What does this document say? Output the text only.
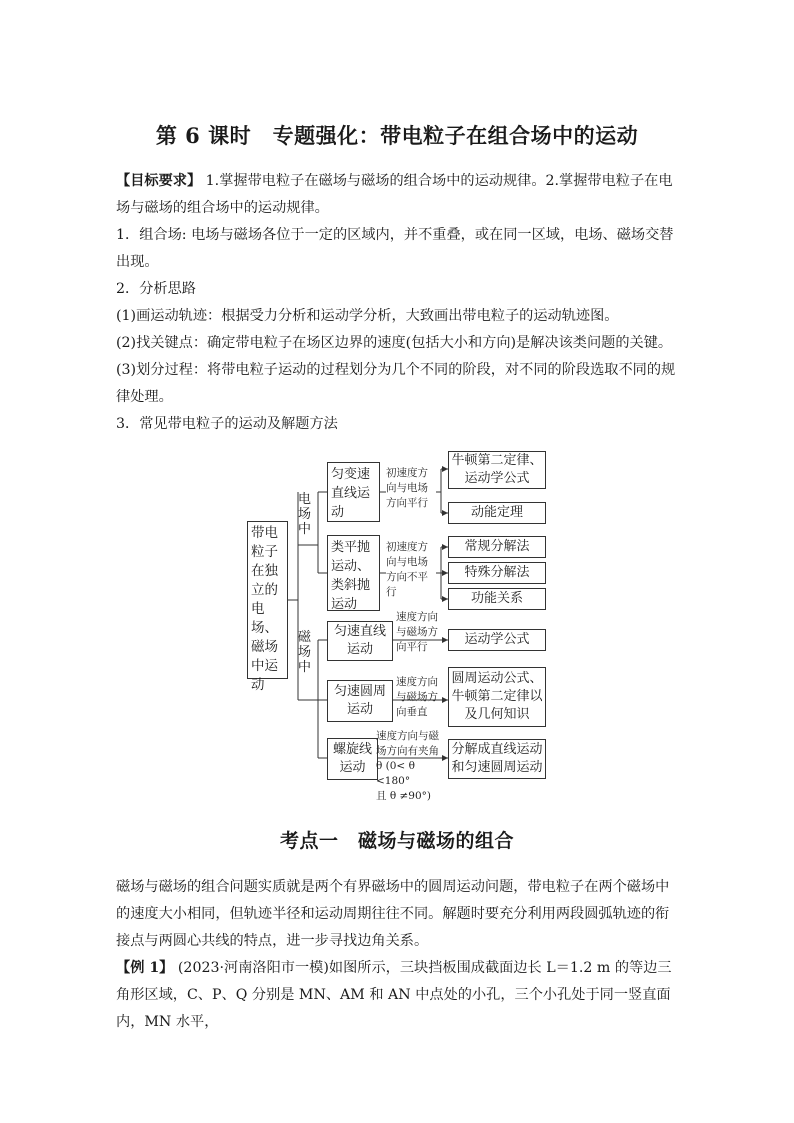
第 6 课时　专题强化：带电粒子在组合场中的运动
【目标要求】 1.掌握带电粒子在磁场与磁场的组合场中的运动规律。2.掌握带电粒子在电场与磁场的组合场中的运动规律。
1．组合场: 电场与磁场各位于一定的区域内，并不重叠，或在同一区域，电场、磁场交替出现。
2．分析思路
(1)画运动轨迹：根据受力分析和运动学分析，大致画出带电粒子的运动轨迹图。
(2)找关键点：确定带电粒子在场区边界的速度(包括大小和方向)是解决该类问题的关键。
(3)划分过程：将带电粒子运动的过程划分为几个不同的阶段，对不同的阶段选取不同的规律处理。
3．常见带电粒子的运动及解题方法
带电粒子在独立的电场、磁场中运动
电场中
磁场中
匀变速直线运动
初速度方向与电场方向平行
牛顿第二定律、运动学公式
动能定理
类平抛运动、类斜抛运动
初速度方向与电场方向不平行
常规分解法
特殊分解法
功能关系
匀速直线运动
速度方向与磁场方向平行	运动学公式
匀速圆周运动
速度方向与磁场方向垂直
圆周运动公式、牛顿第二定律以及几何知识
螺旋线运动
速度方向与磁场方向有夹角
θ (0< θ <180°
且 θ ≠90°)
分解成直线运动和匀速圆周运动
考点一　磁场与磁场的组合
磁场与磁场的组合问题实质就是两个有界磁场中的圆周运动问题，带电粒子在两个磁场中的速度大小相同，但轨迹半径和运动周期往往不同。解题时要充分利用两段圆弧轨迹的衔接点与两圆心共线的特点，进一步寻找边角关系。
【例 1】 (2023·河南洛阳市一模)如图所示，三块挡板围成截面边长 L＝1.2 m 的等边三角形区域，C、P、Q 分别是 MN、AM 和 AN 中点处的小孔，三个小孔处于同一竖直面内，MN 水平，
